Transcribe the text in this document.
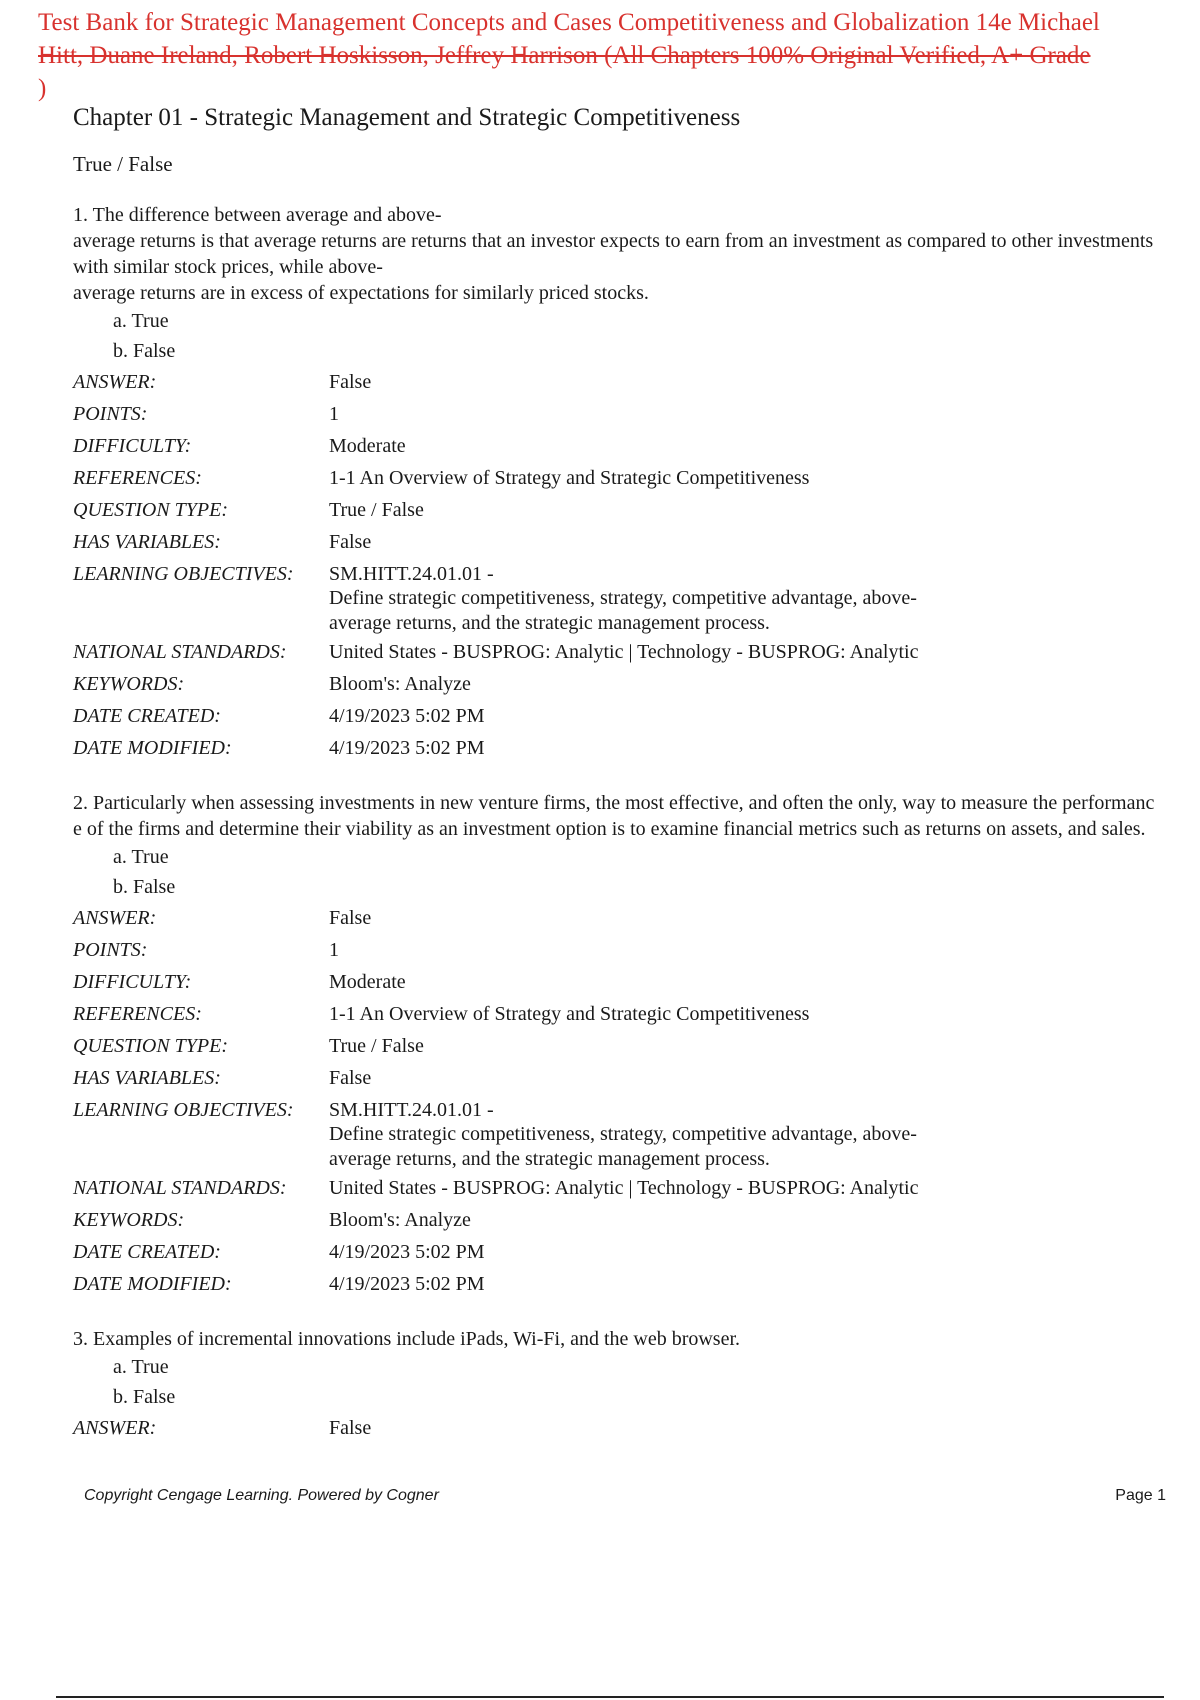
Test Bank for Strategic Management Concepts and Cases Competitiveness and Globalization 14e Michael
Hitt, Duane Ireland, Robert Hoskisson, Jeffrey Harrison (All Chapters 100% Original Verified, A+ Grade
)
Chapter 01 - Strategic Management and Strategic Competitiveness
True / False
1. The difference between average and above-
average returns is that average returns are returns that an investor expects to earn from an investment as compared to other investments with similar stock prices, while above-
average returns are in excess of expectations for similarly priced stocks.
a. True
b. False
ANSWER:	False
POINTS:	1
DIFFICULTY:	Moderate
REFERENCES:	1-1 An Overview of Strategy and Strategic Competitiveness
QUESTION TYPE:	True / False
HAS VARIABLES:	False
LEARNING OBJECTIVES:	SM.HITT.24.01.01 -
Define strategic competitiveness, strategy, competitive advantage, above-
average returns, and the strategic management process.
NATIONAL STANDARDS:	United States - BUSPROG: Analytic | Technology - BUSPROG: Analytic
KEYWORDS:	Bloom's: Analyze
DATE CREATED:	4/19/2023 5:02 PM
DATE MODIFIED:	4/19/2023 5:02 PM
2. Particularly when assessing investments in new venture firms, the most effective, and often the only, way to measure the performance of the firms and determine their viability as an investment option is to examine financial metrics such as returns on assets, and sales.
a. True
b. False
ANSWER:	False
POINTS:	1
DIFFICULTY:	Moderate
REFERENCES:	1-1 An Overview of Strategy and Strategic Competitiveness
QUESTION TYPE:	True / False
HAS VARIABLES:	False
LEARNING OBJECTIVES:	SM.HITT.24.01.01 -
Define strategic competitiveness, strategy, competitive advantage, above-
average returns, and the strategic management process.
NATIONAL STANDARDS:	United States - BUSPROG: Analytic | Technology - BUSPROG: Analytic
KEYWORDS:	Bloom's: Analyze
DATE CREATED:	4/19/2023 5:02 PM
DATE MODIFIED:	4/19/2023 5:02 PM
3. Examples of incremental innovations include iPads, Wi-Fi, and the web browser.
a. True
b. False
ANSWER:	False
Copyright Cengage Learning. Powered by Cogner	Page 1
